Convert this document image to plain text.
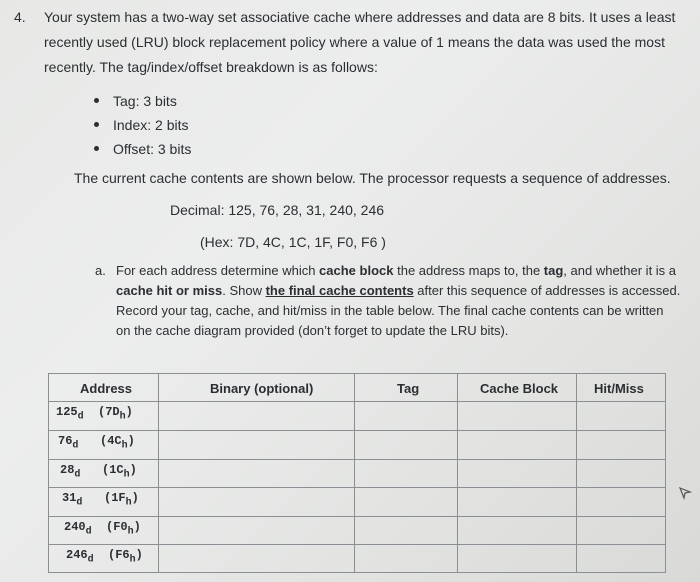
4. Your system has a two-way set associative cache where addresses and data are 8 bits. It uses a least
recently used (LRU) block replacement policy where a value of 1 means the data was used the most
recently. The tag/index/offset breakdown is as follows:
Tag: 3 bits
Index: 2 bits
Offset: 3 bits
The current cache contents are shown below. The processor requests a sequence of addresses.
Decimal: 125, 76, 28, 31, 240, 246
(Hex: 7D, 4C, 1C, 1F, F0, F6 )
a. For each address determine which cache block the address maps to, the tag, and whether it is a
cache hit or miss. Show the final cache contents after this sequence of addresses is accessed.
Record your tag, cache, and hit/miss in the table below. The final cache contents can be written
on the cache diagram provided (don’t forget to update the LRU bits).
Address	Binary (optional)	Tag	Cache Block	Hit/Miss
$125_d$  $(7D_h)$
$76_d$   $(4C_h)$
$28_d$   $(1C_h)$
$31_d$   $(1F_h)$
$240_d$  $(F0_h)$
$246_d$  $(F6_h)$
